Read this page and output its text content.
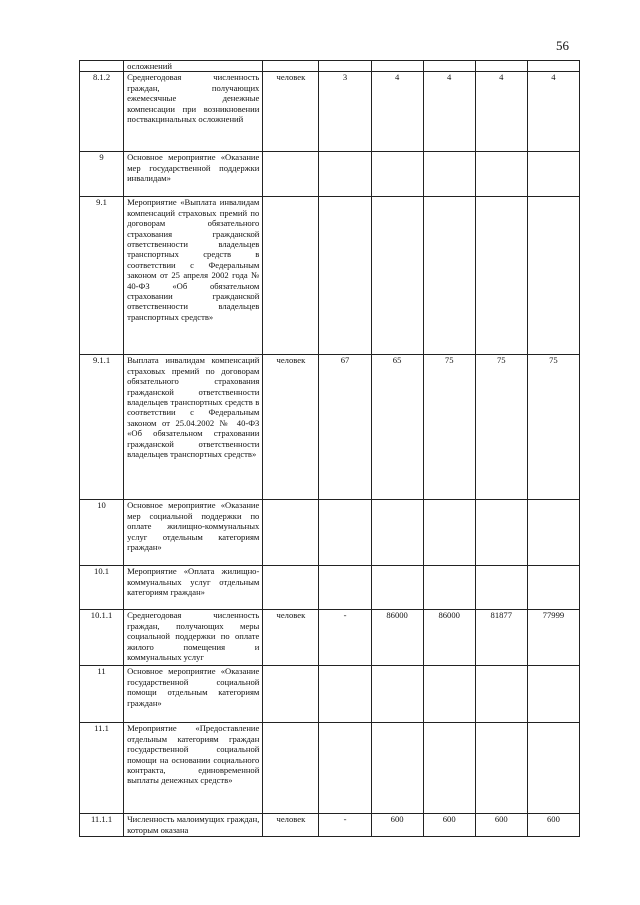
56
	осложнений						
8.1.2	Среднегодовая численность граждан, получающих ежемесячные денежные компенсации при возникновении поствакцинальных осложнений	человек	3	4	4	4	4
9	Основное мероприятие «Оказание мер государственной поддержки инвалидам»						
9.1	Мероприятие «Выплата инвалидам компенсаций страховых премий по договорам обязательного страхования гражданской ответственности владельцев транспортных средств в соответствии с Федеральным законом от 25 апреля 2002 года № 40-ФЗ «Об обязательном страховании гражданской ответственности владельцев транспортных средств»						
9.1.1	Выплата инвалидам компенсаций страховых премий по договорам обязательного страхования гражданской ответственности владельцев транспортных средств в соответствии с Федеральным законом от 25.04.2002 № 40-ФЗ «Об обязательном страховании гражданской ответственности владельцев транспортных средств»	человек	67	65	75	75	75
10	Основное мероприятие «Оказание мер социальной поддержки по оплате жилищно-коммунальных услуг отдельным категориям граждан»						
10.1	Мероприятие «Оплата жилищно-коммунальных услуг отдельным категориям граждан»						
10.1.1	Среднегодовая численность граждан, получающих меры социальной поддержки по оплате жилого помещения и коммунальных услуг	человек	-	86000	86000	81877	77999
11	Основное мероприятие «Оказание государственной социальной помощи отдельным категориям граждан»						
11.1	Мероприятие «Предоставление отдельным категориям граждан государственной социальной помощи на основании социального контракта, единовременной выплаты денежных средств»						
11.1.1	Численность малоимущих граждан, которым оказана	человек	-	600	600	600	600
